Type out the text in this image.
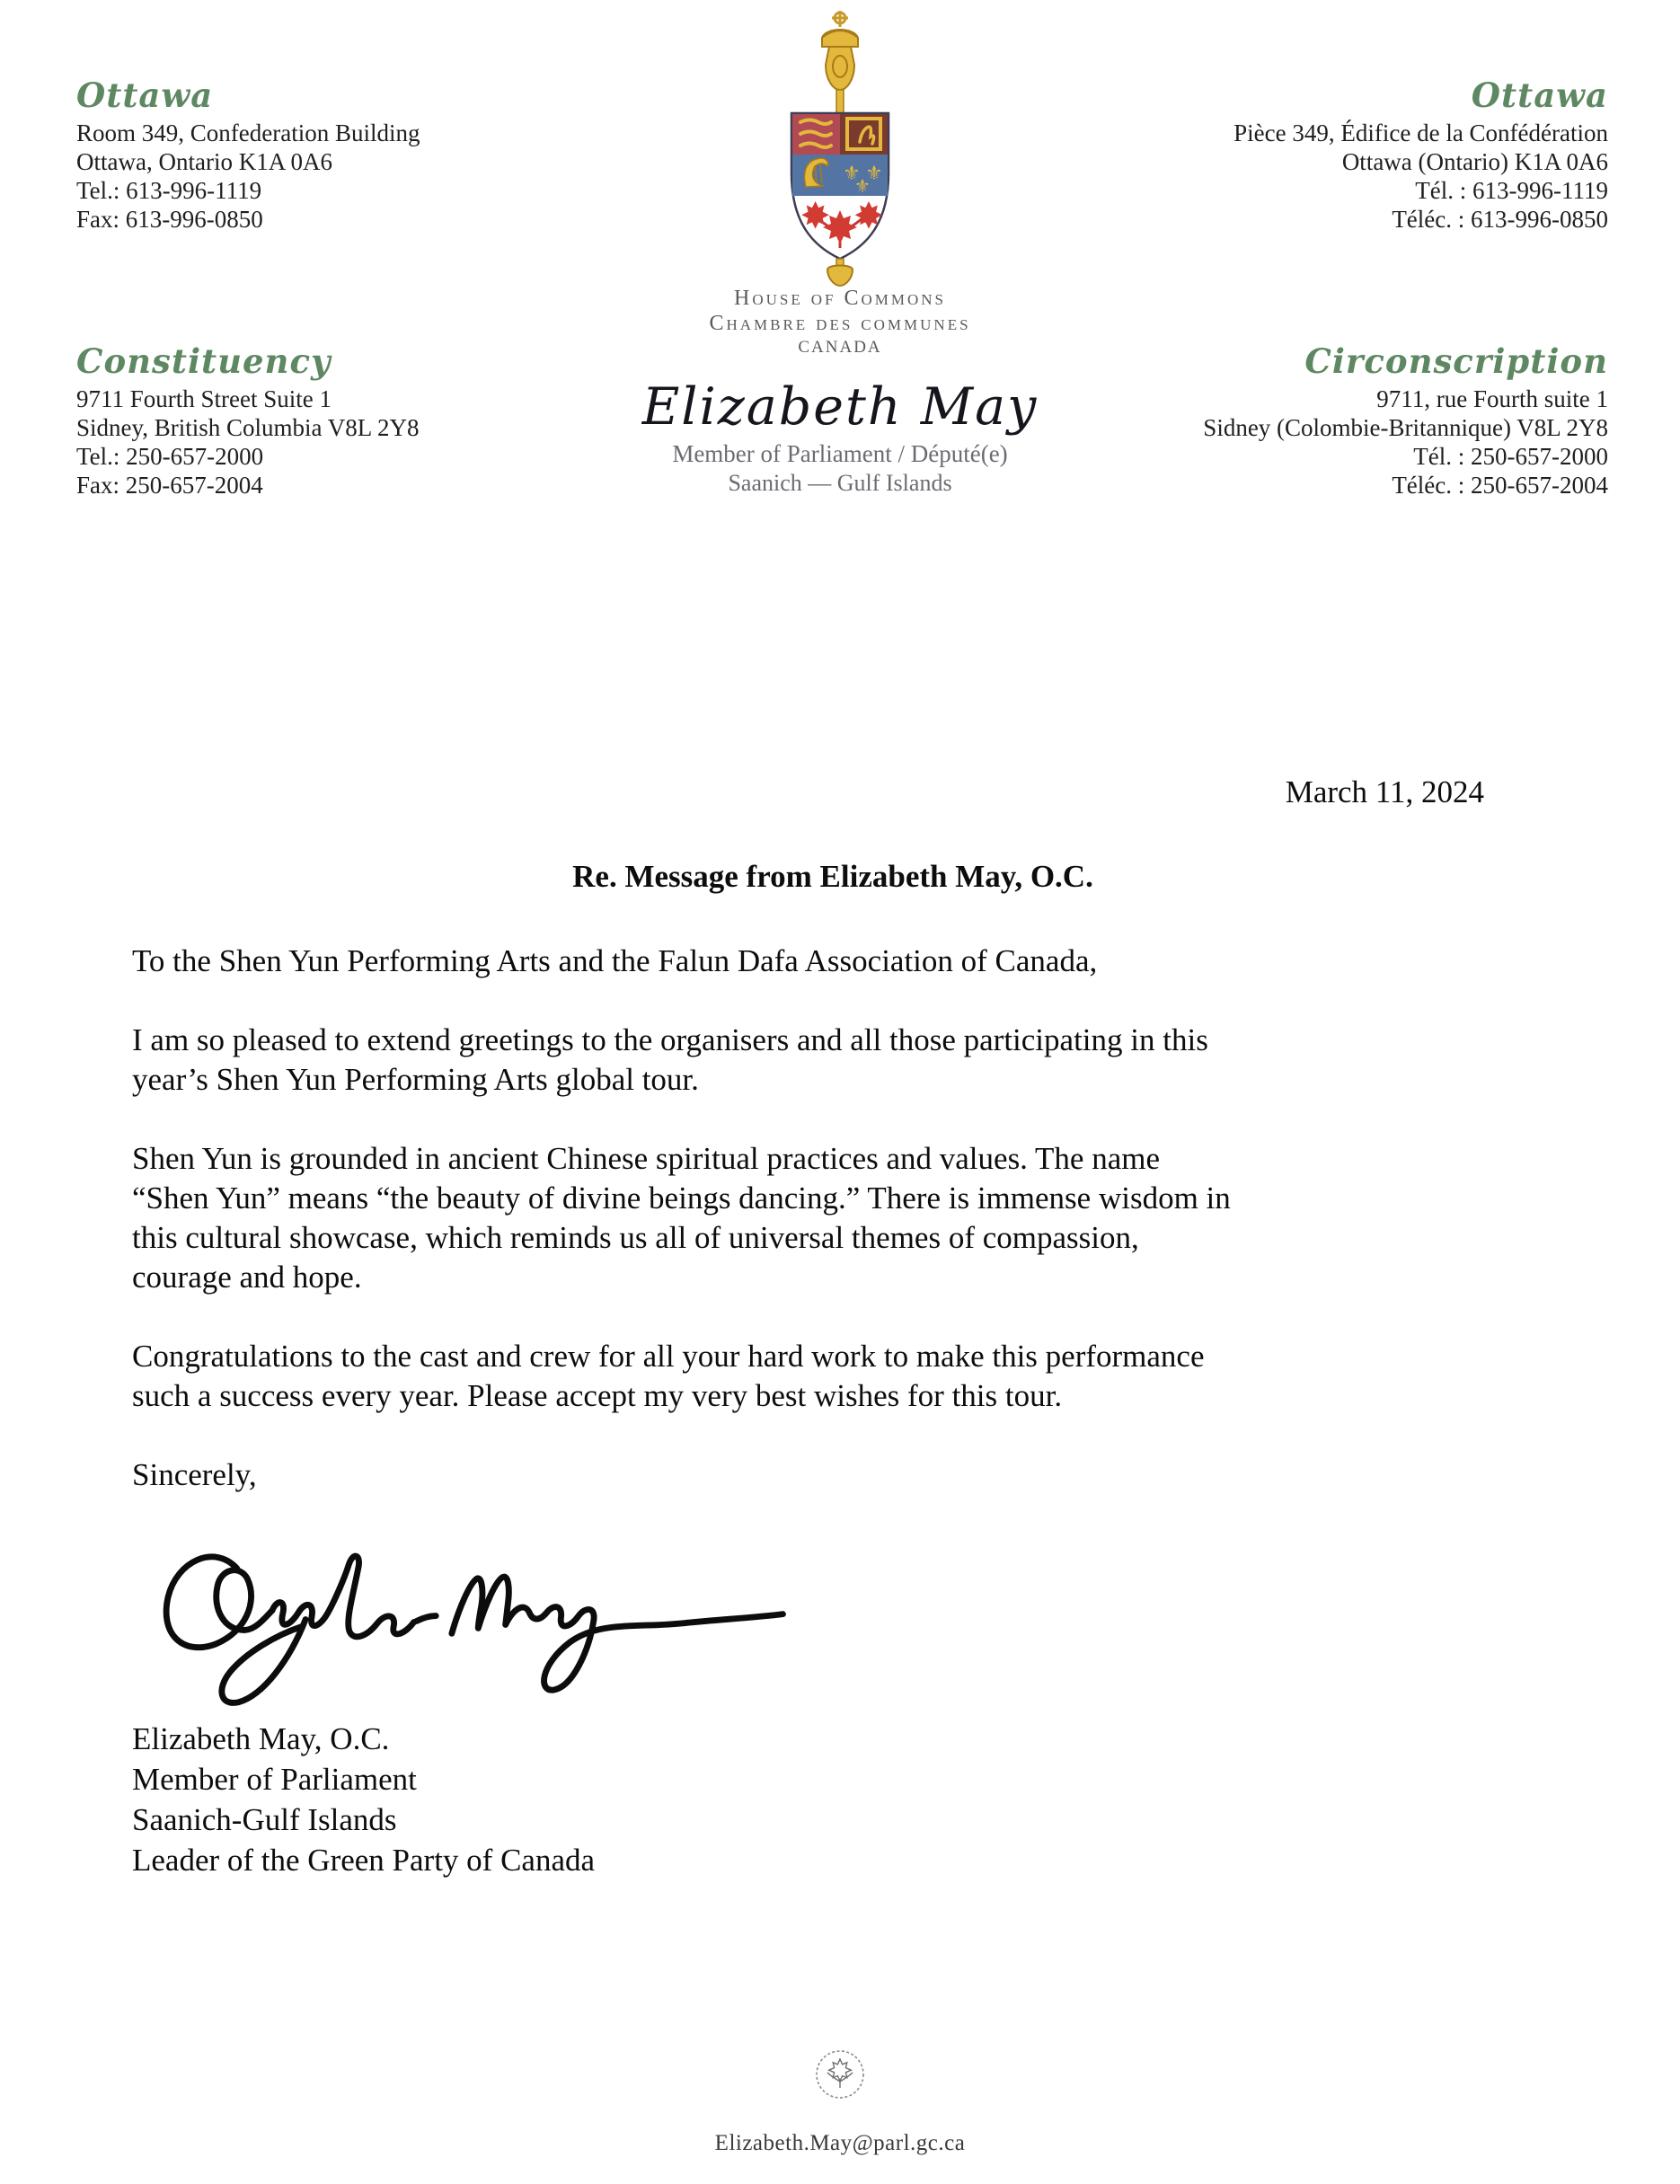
Ottawa
Room 349, Confederation Building
Ottawa, Ontario K1A 0A6
Tel.: 613-996-1119
Fax: 613-996-0850
Ottawa
Pièce 349, Édifice de la Confédération
Ottawa (Ontario) K1A 0A6
Tél. : 613-996-1119
Téléc. : 613-996-0850
Constituency
9711 Fourth Street Suite 1
Sidney, British Columbia V8L 2Y8
Tel.: 250-657-2000
Fax: 250-657-2004
Circonscription
9711, rue Fourth suite 1
Sidney (Colombie-Britannique) V8L 2Y8
Tél. : 250-657-2000
Téléc. : 250-657-2004
⚜ ⚜
⚜
House of Commons
Chambre des communes
CANADA
Elizabeth May
Member of Parliament / Député(e)
Saanich — Gulf Islands
March 11, 2024
Re. Message from Elizabeth May, O.C.
To the Shen Yun Performing Arts and the Falun Dafa Association of Canada,
I am so pleased to extend greetings to the organisers and all those participating in this
year’s Shen Yun Performing Arts global tour.
Shen Yun is grounded in ancient Chinese spiritual practices and values. The name
“Shen Yun” means “the beauty of divine beings dancing.” There is immense wisdom in
this cultural showcase, which reminds us all of universal themes of compassion,
courage and hope.
Congratulations to the cast and crew for all your hard work to make this performance
such a success every year. Please accept my very best wishes for this tour.
Sincerely,
Elizabeth May, O.C.
Member of Parliament
Saanich-Gulf Islands
Leader of the Green Party of Canada
Elizabeth.May@parl.gc.ca
